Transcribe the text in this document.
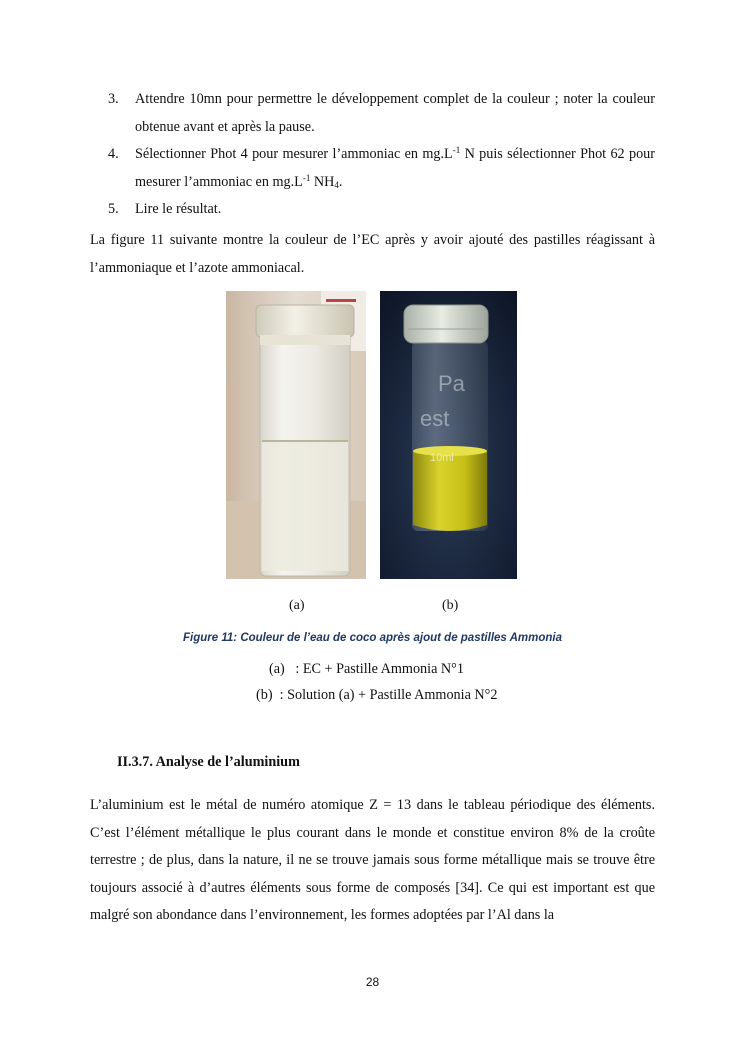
3. Attendre 10mn pour permettre le développement complet de la couleur ; noter la couleur obtenue avant et après la pause.
4. Sélectionner Phot 4 pour mesurer l’ammoniac en $mg.L^{-1}$ N puis sélectionner Phot 62 pour mesurer l’ammoniac en $mg.L^{-1}$ $NH_4$.
5. Lire le résultat.

La figure 11 suivante montre la couleur de l’EC après y avoir ajouté des pastilles réagissant à l’ammoniaque et l’azote ammoniacal.

Pa
est
10ml
(a)	(b)
Figure 11: Couleur de l’eau de coco après ajout de pastilles Ammonia
(a)   : EC + Pastille Ammonia N°1
(b)  : Solution (a) + Pastille Ammonia N°2
II.3.7. Analyse de l’aluminium

L’aluminium est le métal de numéro atomique Z = 13 dans le tableau périodique des éléments. C’est l’élément métallique le plus courant dans le monde et constitue environ 8% de la croûte terrestre ; de plus, dans la nature, il ne se trouve jamais sous forme métallique mais se trouve être toujours associé à d’autres éléments sous forme de composés [34]. Ce qui est important est que malgré son abondance dans l’environnement, les formes adoptées par l’Al dans la

28
